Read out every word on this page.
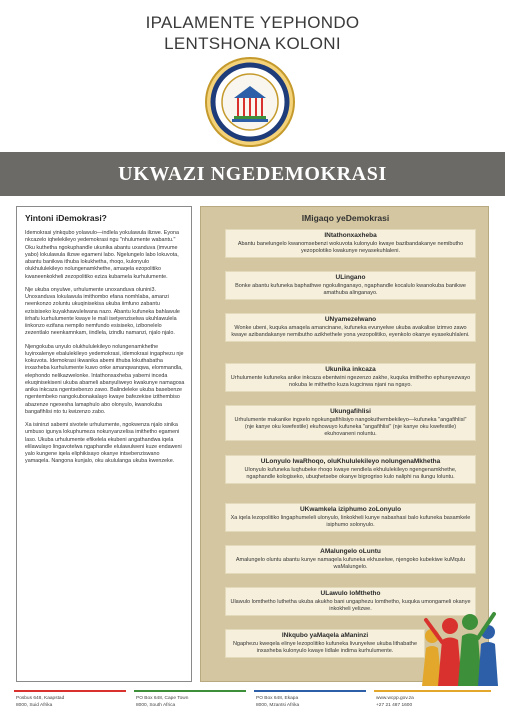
IPALAMENTE YEPHONDO
LENTSHONA KOLONI
UKWAZI NGEDEMOKRASI
Yintoni iDemokrasi?

Idemokrasi yinkqubo yolawulo—indlela yokulawula ilizwe. Eyona nkcazelo iqhelekileyo yedemokrasi ngu "nhulumente wabantu." Oku kuthetha ngokuphandle ukunika abantu uxanduva (imvume yabo) lokulawula ilizwe egameni labo. Ngelungelo labo lokuvota, abantu banikwa ithuba lokukhetha, rhoqo, kulonyulo olukhululekileyo nolungenamkhethe, amaqela ezopolitiko kwaneenkokheli zezopolitiko eziza kubamela kurhulumente.

Nje ukuba onyulwe, urhulumente unoxanduva olunini3. Unoxanduva lokulawula imithombo efana nomhlaba, amanzi neenkonzo zoluntu ukuqinisekisa ukuba iimfuno zabantu ezisisiseko kuyakhawulelwana nazo. Abantu kufuneka bahlawule iirhafu kurhulumente kwaye le mali isetyenziselwa ukuhlawulela iinkonzo ezifana nempilo nemfundo esisiseko, izibonelelo zezentlalo neenkamnkam, iindlela, izindlu namanzi, njalo njalo.

Njengokuba unyulo olukhululekileyo nolungenamkhethe luyinxalenye ebalulekileyo yedemokrasi, idemokrasi ingaphezu nje kokuvota. Idemokrasi ikwanika abemi ithuba lokuthabatha inxaxheba kurhulumente kuwo onke amanqwanqwa, elommandla, elephondo nelikazwelonke. Intathonxaxheba yabemi inceda ekuqinisekiseni ukuba abameli abanyuliweyo kwakunye namagosa anika inkcaza ngentsebenzo zawo. Balindeleke ukuba basebenze ngentembeko nangokubonakalayo kwaye bafezekise izithembiso abazenze ngexesha lamaphulo abo olonyulo, kwanokuba bangafihlisi nto tu kwizenzo zabo.

Xa isininzi sabemi sivotele urhulumente, ngokwenza njalo sinika umbuso igunya lokuphumeza nokunyanzelisa imithetho egameni laso. Ukuba urhulumente efikelela ekubeni angathandwa iqela elilawulayo lingavotelwa ngaphandle elulawulweni kuze endaweni yalo kungene iqela eliphikisayo okanye intsebenziswano yamaqela. Nangona kunjalo, oku akululanga ukuba kwenzeke.

IMigaqo yeDemokrasi
INtathonxaxheba
Abantu banelungelo kwanomsebenzi wokuvota kulonyulo kwaye bazibandakanye nemibutho yezopolotiko kwakunye neyasekuhlaleni.
ULingano
Bonke abantu kufuneka baphathwe ngokulinganayo, ngaphandle kocalulo kwanokuba banikwe amathuba alinganayo.
UNyamezelwano
Wonke ubeni, kuquka amaqela amancinane, kufuneka evunyelwe ukuba avakalise izimvo zawo kwaye azibandakanye nemibutho azikhethele yona yezopolitiko, eyenkolo okanye eyasekuhlaleni.
Ukunika inkcaza
Urhulumente kufuneka anike inkcaza ebentwini ngezenzo zakhe, kuquka imithetho ephunyezwayo nokuba le mithetho kuza kugcinwa njani na ngayo.
Ukungafihlisi
Urhulumente makanike ingxelo ngokungafihlisiyo nangokuthembekileyo—kufuneka "angafihlisi" (nje kanye oku kwefestile) ekuhowuyo kufuneka "angafihlisi" (nje kanye oku kwefestile) ekuhovaneni noluntu.
ULonyulo lwaRhoqo, oluKhululekileyo nolungenaMkhetha
Ulonyulo kufuneka luqhubeke rhoqo kwaye nendlela ekhululekileyo ngengenamkhethe, ngaphandle kologiseko, ubuqhetsebe okanye bigrogriso kulo naliphi na ilungu loluntu.
UKwamkela iziphumo zoLonyulo
Xa iqela lezopolitiko lingaphumeleli ulonyulo, linkokheli kunye nabaxhasi balo kufuneka basamkele isiphumo solonyulo.
AMalungelo oLuntu
Amalungelo oluntu abantu kunye namaqela kufuneka ekhuselwe, njengoko kubekiwe kuMqulu waMalungelo.
ULawulo loMthetho
Ulawulo lomthetho luthetha ukuba akukho bani ungaphezu lomthetho, kuquka umongameli okanye inkokheli yelizwe.
INkqubo yaMaqela aManinzi
Ngaphezu kweqela elinye lezopolitiko kufuneka livunyelwe ukuba lithabathe inxaxheba kulonyulo kwaye lidlale indima kurhulumente.
Posbus 648, Kaapstad
8000, Suid Afrika
PO Box 648, Cape Town
8000, South Africa
PO Box 648, Ekapa
8000, Mzantsi Afrika
www.wcpp.gov.za
+27 21 487 1600
